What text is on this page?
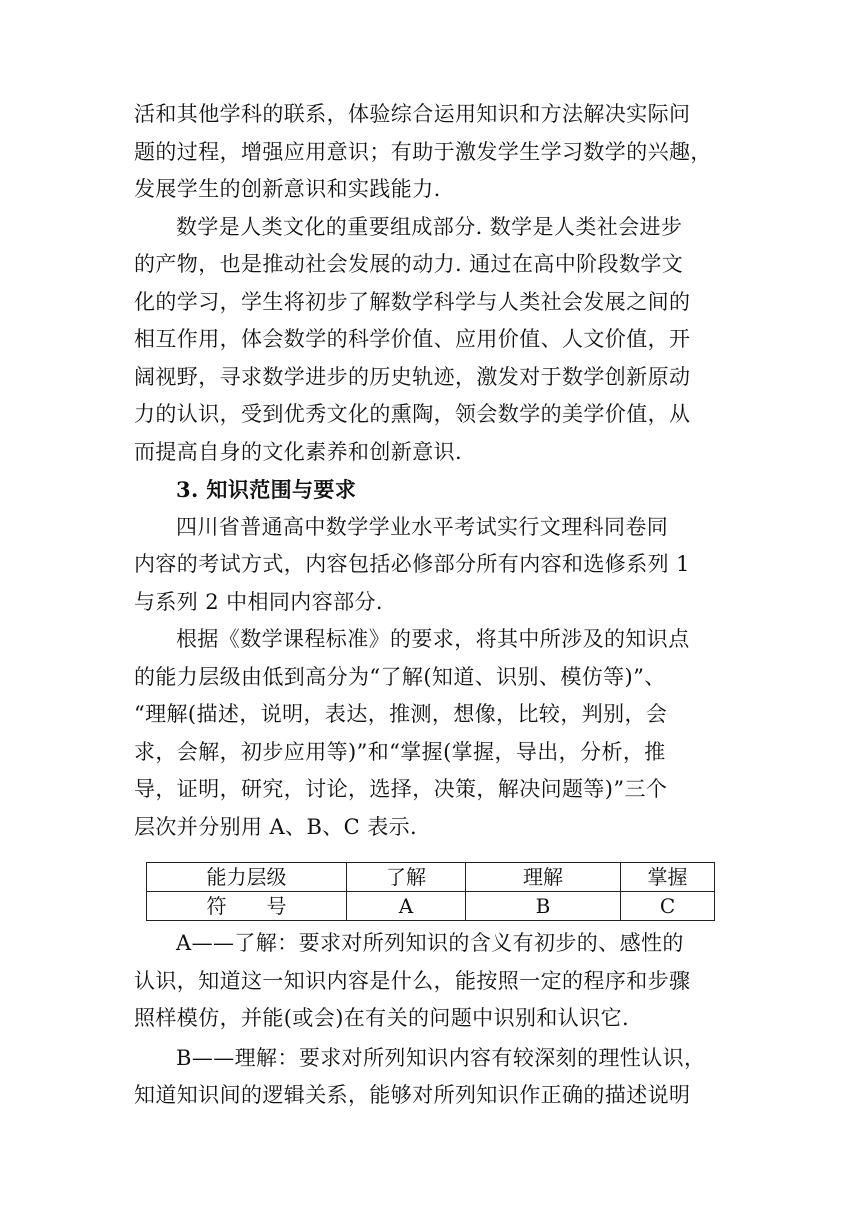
活和其他学科的联系，体验综合运用知识和方法解决实际问
题的过程，增强应用意识；有助于激发学生学习数学的兴趣，
发展学生的创新意识和实践能力.
数学是人类文化的重要组成部分. 数学是人类社会进步
的产物，也是推动社会发展的动力. 通过在高中阶段数学文
化的学习，学生将初步了解数学科学与人类社会发展之间的
相互作用，体会数学的科学价值、应用价值、人文价值，开
阔视野，寻求数学进步的历史轨迹，激发对于数学创新原动
力的认识，受到优秀文化的熏陶，领会数学的美学价值，从
而提高自身的文化素养和创新意识.
3. 知识范围与要求
四川省普通高中数学学业水平考试实行文理科同卷同
内容的考试方式，内容包括必修部分所有内容和选修系列 1
与系列 2 中相同内容部分.
根据《数学课程标准》的要求，将其中所涉及的知识点
的能力层级由低到高分为“了解(知道、识别、模仿等)”、
“理解(描述，说明，表达，推测，想像，比较，判别，会
求，会解，初步应用等)”和“掌握(掌握，导出，分析，推
导，证明，研究，讨论，选择，决策，解决问题等)”三个
层次并分别用 A、B、C 表示.
能力层级	了解	理解	掌握
符　　号	A	B	C
A——了解：要求对所列知识的含义有初步的、感性的
认识，知道这一知识内容是什么，能按照一定的程序和步骤
照样模仿，并能(或会)在有关的问题中识别和认识它.
B——理解：要求对所列知识内容有较深刻的理性认识，
知道知识间的逻辑关系，能够对所列知识作正确的描述说明
